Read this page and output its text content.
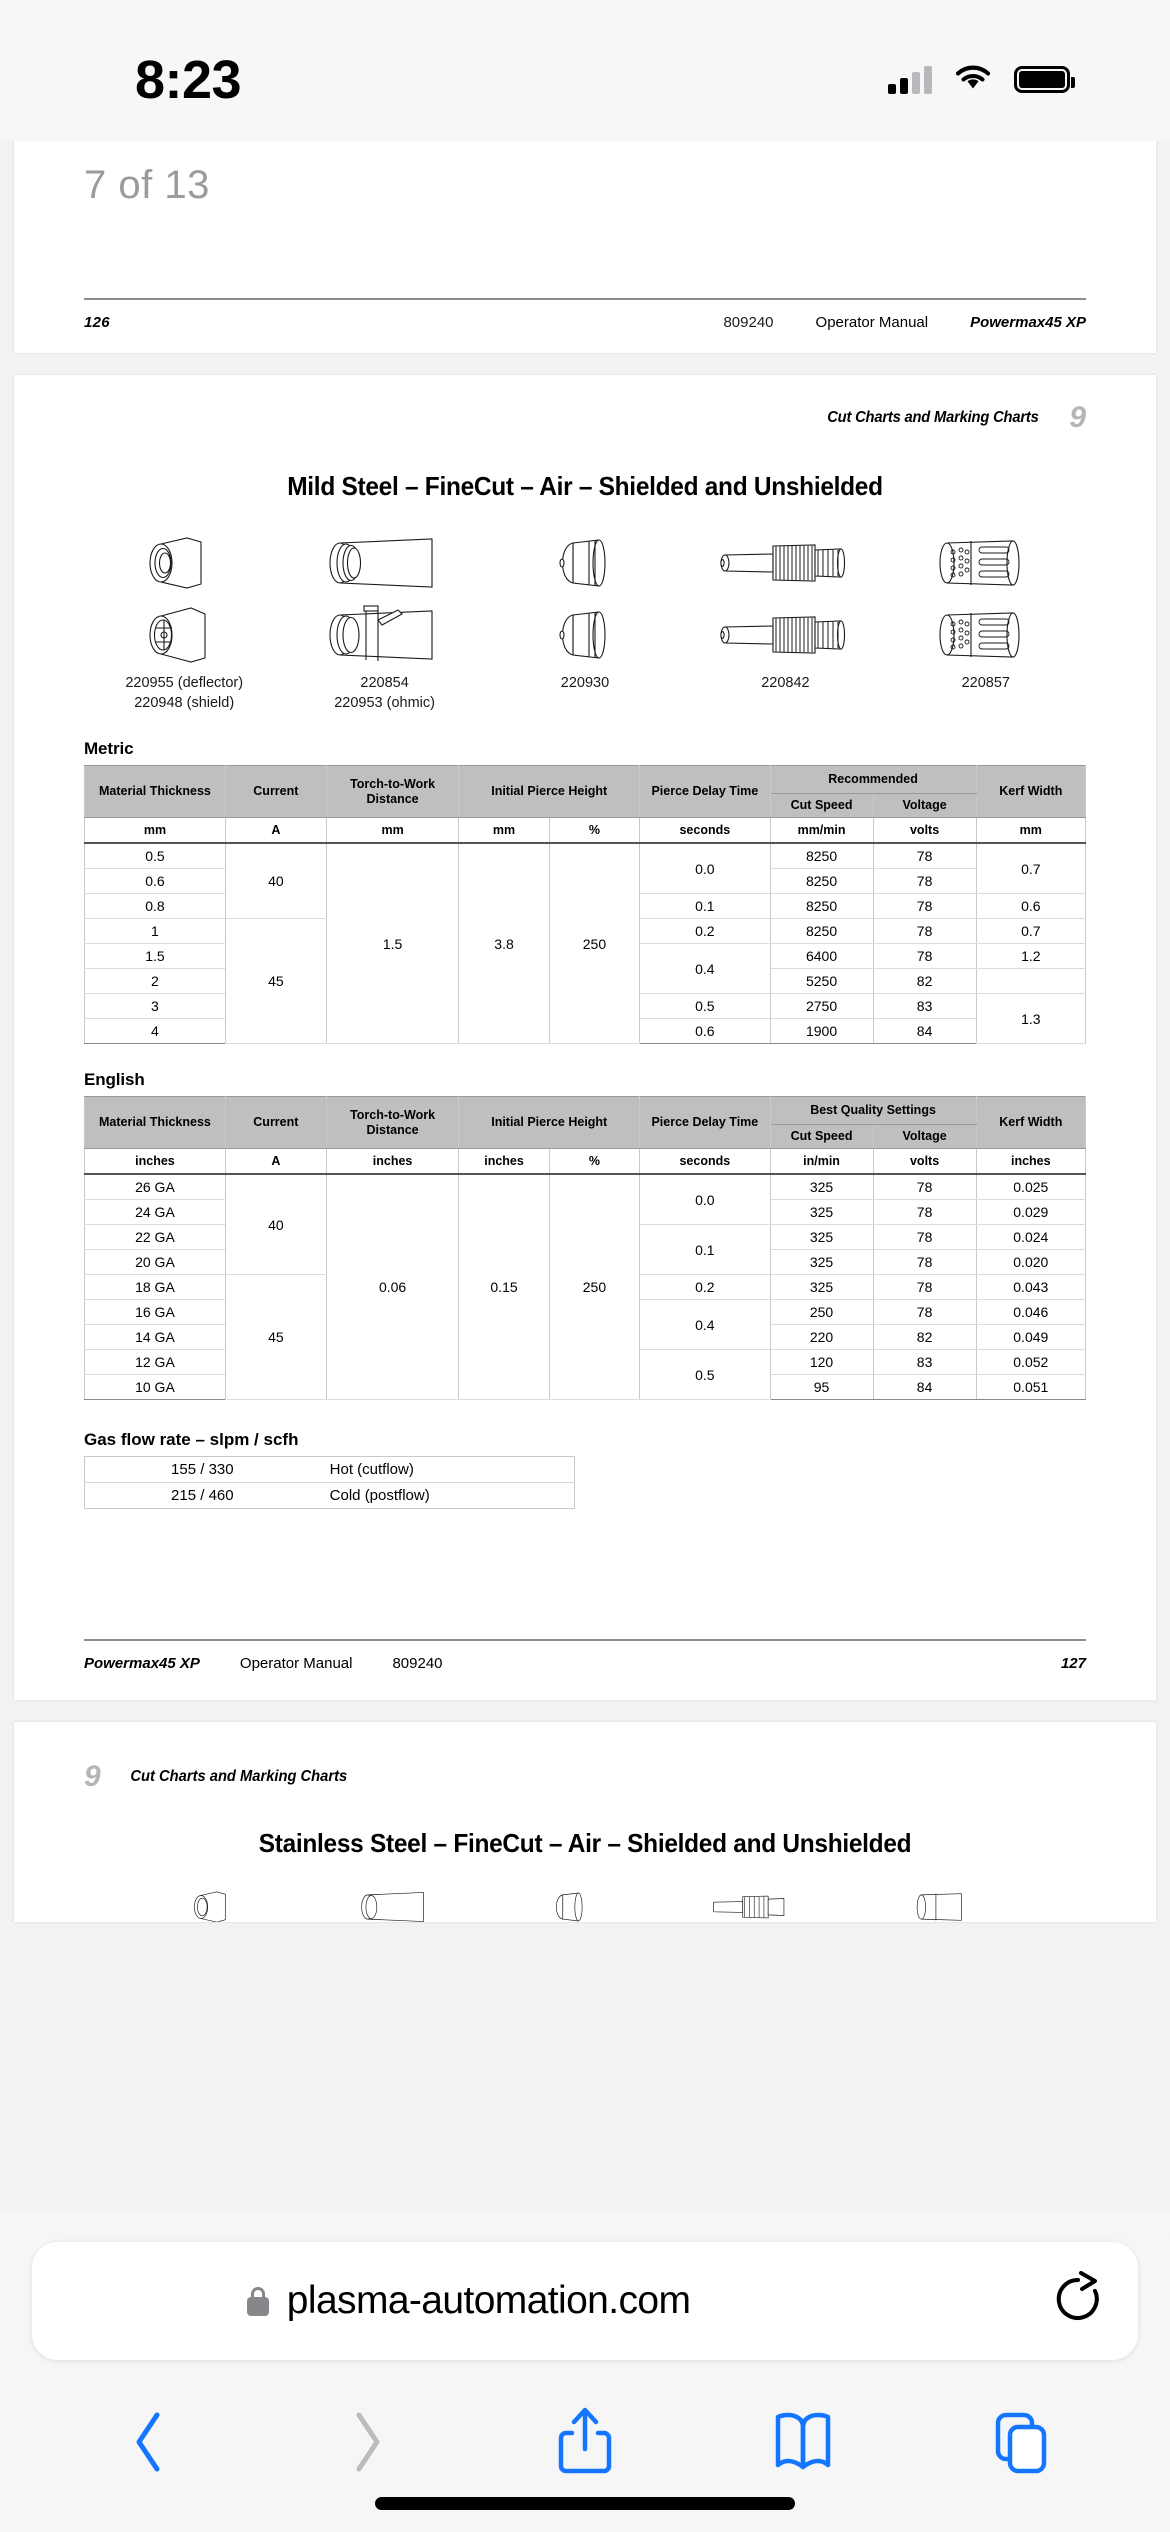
8:23
7 of 13
126	809240	Operator Manual	Powermax45 XP
Cut Charts and Marking Charts 9
Mild Steel – FineCut – Air – Shielded and Unshielded
220955 (deflector)
220948 (shield)
220854
220953 (ohmic)
220930	220842	220857
Metric
Material Thickness	Current	Torch-to-Work Distance	Initial Pierce Height		Pierce Delay Time	Recommended		Kerf Width
						Cut Speed	Voltage	
mm	A	mm	mm	%	seconds	mm/min	volts	mm
0.5	40	1.5	3.8	250	0.0	8250	78	0.7
0.6						8250	78	
0.8					0.1	8250	78	0.6
1	45				0.2	8250	78	0.7
1.5					0.4	6400	78	1.2
2						5250	82	
3					0.5	2750	83	1.3
4					0.6	1900	84	
English
Material Thickness	Current	Torch-to-Work Distance	Initial Pierce Height		Pierce Delay Time	Best Quality Settings		Kerf Width
						Cut Speed	Voltage	
inches	A	inches	inches	%	seconds	in/min	volts	inches
26 GA	40	0.06	0.15	250	0.0	325	78	0.025
24 GA						325	78	0.029
22 GA					0.1	325	78	0.024
20 GA						325	78	0.020
18 GA	45				0.2	325	78	0.043
16 GA					0.4	250	78	0.046
14 GA						220	82	0.049
12 GA					0.5	120	83	0.052
10 GA						95	84	0.051
Gas flow rate – slpm / scfh
155 / 330	Hot (cutflow)
215 / 460	Cold (postflow)
Powermax45 XP	Operator Manual	809240	127
9 Cut Charts and Marking Charts
Stainless Steel – FineCut – Air – Shielded and Unshielded
plasma-automation.com
